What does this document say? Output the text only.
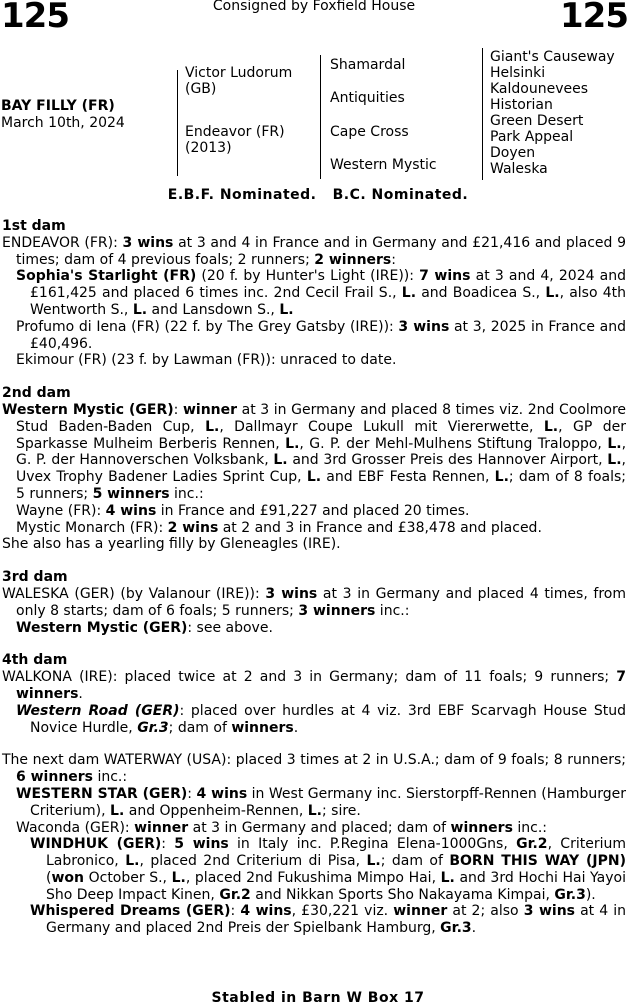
125	Consigned by Foxfield House	125
BAY FILLY (FR)
March 10th, 2024
Victor Ludorum
(GB)
Endeavor (FR)
(2013)
Shamardal
Antiquities
Cape Cross
Western Mystic
Giant's Causeway
Helsinki
Kaldounevees
Historian
Green Desert
Park Appeal
Doyen
Waleska
E.B.F. Nominated.   B.C. Nominated.

1st dam

ENDEAVOR (FR): 3 wins at 3 and 4 in France and in Germany and £21,416 and placed 9 times; dam of 4 previous foals; 2 runners; 2 winners:

Sophia's Starlight (FR) (20 f. by Hunter's Light (IRE)): 7 wins at 3 and 4, 2024 and £161,425 and placed 6 times inc. 2nd Cecil Frail S., L. and Boadicea S., L., also 4th Wentworth S., L. and Lansdown S., L.

Profumo di Iena (FR) (22 f. by The Grey Gatsby (IRE)): 3 wins at 3, 2025 in France and £40,496.

Ekimour (FR) (23 f. by Lawman (FR)): unraced to date.

2nd dam

Western Mystic (GER): winner at 3 in Germany and placed 8 times viz. 2nd Coolmore Stud Baden-Baden Cup, L., Dallmayr Coupe Lukull mit Viererwette, L., GP der Sparkasse Mulheim Berberis Rennen, L., G. P. der Mehl-Mulhens Stiftung Traloppo, L., G. P. der Hannoverschen Volksbank, L. and 3rd Grosser Preis des Hannover Airport, L., Uvex Trophy Badener Ladies Sprint Cup, L. and EBF Festa Rennen, L.; dam of 8 foals; 5 runners; 5 winners inc.:

Wayne (FR): 4 wins in France and £91,227 and placed 20 times.

Mystic Monarch (FR): 2 wins at 2 and 3 in France and £38,478 and placed.

She also has a yearling filly by Gleneagles (IRE).

3rd dam

WALESKA (GER) (by Valanour (IRE)): 3 wins at 3 in Germany and placed 4 times, from only 8 starts; dam of 6 foals; 5 runners; 3 winners inc.:

Western Mystic (GER): see above.

4th dam

WALKONA (IRE): placed twice at 2 and 3 in Germany; dam of 11 foals; 9 runners; 7 winners.

Western Road (GER): placed over hurdles at 4 viz. 3rd EBF Scarvagh House Stud Novice Hurdle, Gr.3; dam of winners.

The next dam WATERWAY (USA): placed 3 times at 2 in U.S.A.; dam of 9 foals; 8 runners; 6 winners inc.:

WESTERN STAR (GER): 4 wins in West Germany inc. Sierstorpff-Rennen (Hamburger Criterium), L. and Oppenheim-Rennen, L.; sire.

Waconda (GER): winner at 3 in Germany and placed; dam of winners inc.:

WINDHUK (GER): 5 wins in Italy inc. P.Regina Elena-1000Gns, Gr.2, Criterium Labronico, L., placed 2nd Criterium di Pisa, L.; dam of BORN THIS WAY (JPN) (won October S., L., placed 2nd Fukushima Mimpo Hai, L. and 3rd Hochi Hai Yayoi Sho Deep Impact Kinen, Gr.2 and Nikkan Sports Sho Nakayama Kimpai, Gr.3).

Whispered Dreams (GER): 4 wins, £30,221 viz. winner at 2; also 3 wins at 4 in Germany and placed 2nd Preis der Spielbank Hamburg, Gr.3.

Stabled in Barn W Box 17
